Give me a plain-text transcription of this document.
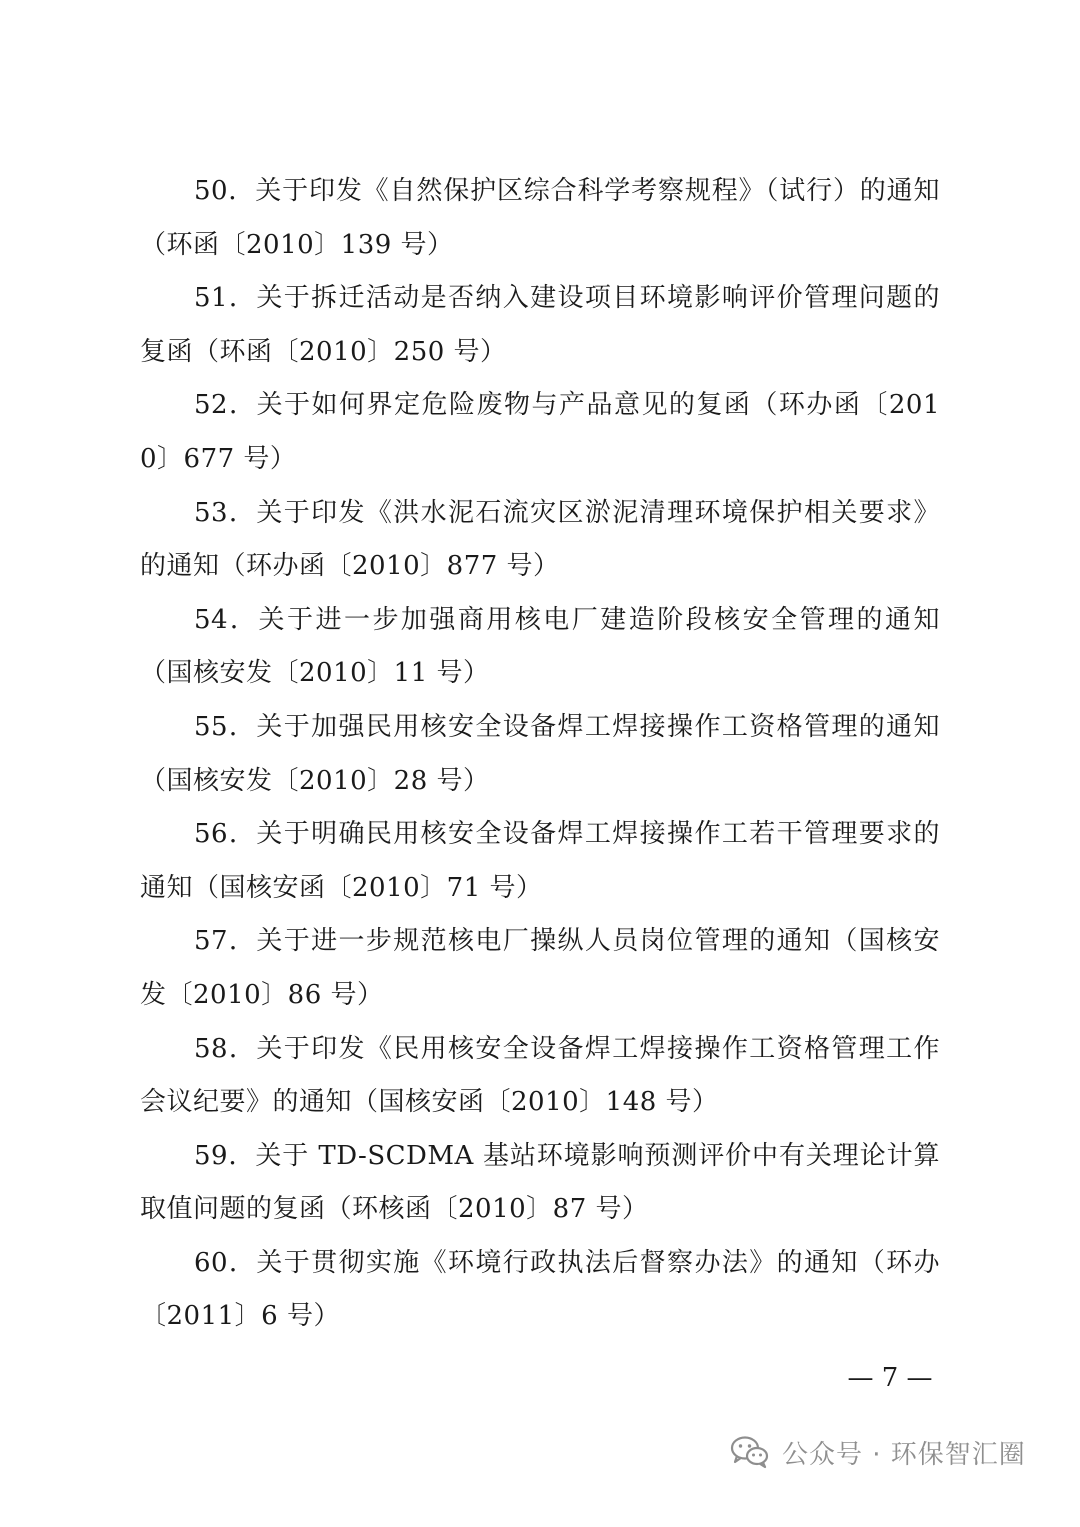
50．关于印发《自然保护区综合科学考察规程》（试行）的通知（环函〔2010〕139 号）

51．关于拆迁活动是否纳入建设项目环境影响评价管理问题的复函（环函〔2010〕250 号）

52．关于如何界定危险废物与产品意见的复函（环办函〔2010〕677 号）

53．关于印发《洪水泥石流灾区淤泥清理环境保护相关要求》的通知（环办函〔2010〕877 号）

54．关于进一步加强商用核电厂建造阶段核安全管理的通知（国核安发〔2010〕11 号）

55．关于加强民用核安全设备焊工焊接操作工资格管理的通知（国核安发〔2010〕28 号）

56．关于明确民用核安全设备焊工焊接操作工若干管理要求的通知（国核安函〔2010〕71 号）

57．关于进一步规范核电厂操纵人员岗位管理的通知（国核安发〔2010〕86 号）

58．关于印发《民用核安全设备焊工焊接操作工资格管理工作会议纪要》的通知（国核安函〔2010〕148 号）

59．关于 TD-SCDMA 基站环境影响预测评价中有关理论计算取值问题的复函（环核函〔2010〕87 号）

60．关于贯彻实施《环境行政执法后督察办法》的通知（环办〔2011〕6 号）

— 7 —
公众号 · 环保智汇圈
